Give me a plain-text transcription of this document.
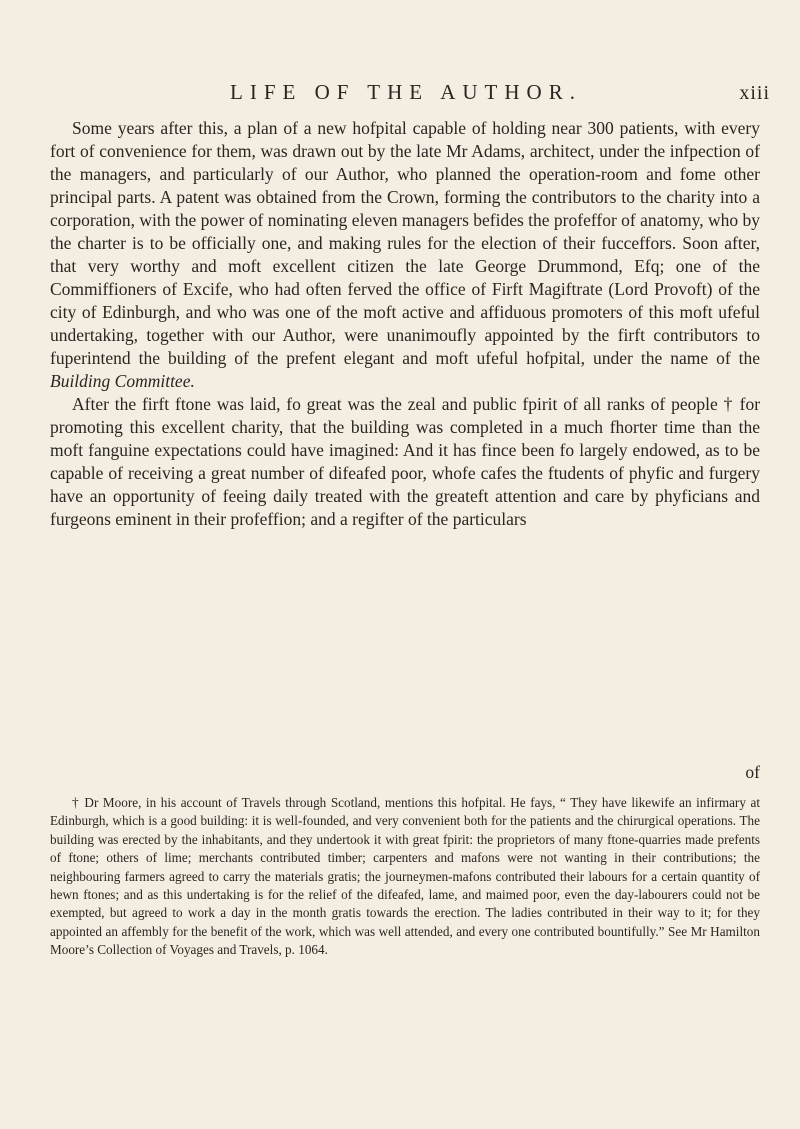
LIFE OF THE AUTHOR.	xiii

Some years after this, a plan of a new hofpital capable of holding near 300 patients, with every fort of convenience for them, was drawn out by the late Mr Adams, architect, under the infpection of the managers, and particularly of our Author, who planned the operation-room and fome other principal parts. A patent was obtained from the Crown, forming the contributors to the charity into a corporation, with the power of nominating eleven managers befides the profeffor of anatomy, who by the charter is to be officially one, and making rules for the election of their fucceffors. Soon after, that very worthy and moft excellent citizen the late George Drummond, Efq; one of the Commiffioners of Excife, who had often ferved the office of Firft Magiftrate (Lord Provoft) of the city of Edinburgh, and who was one of the moft active and affiduous promoters of this moft ufeful undertaking, together with our Author, were unanimoufly appointed by the firft contributors to fuperintend the building of the prefent elegant and moft ufeful hofpital, under the name of the Building Committee.

After the firft ftone was laid, fo great was the zeal and public fpirit of all ranks of people † for promoting this excellent charity, that the building was completed in a much fhorter time than the moft fanguine expectations could have imagined: And it has fince been fo largely endowed, as to be capable of receiving a great number of difeafed poor, whofe cafes the ftudents of phyfic and furgery have an opportunity of feeing daily treated with the greateft attention and care by phyficians and furgeons eminent in their profeffion; and a regifter of the particulars

of

† Dr Moore, in his account of Travels through Scotland, mentions this hofpital. He fays, “ They have likewife an infirmary at Edinburgh, which is a good building: it is well-founded, and very convenient both for the patients and the chirurgical operations. The building was erected by the inhabitants, and they undertook it with great fpirit: the proprietors of many ftone-quarries made prefents of ftone; others of lime; merchants contributed timber; carpenters and mafons were not wanting in their contributions; the neighbouring farmers agreed to carry the materials gratis; the journeymen-mafons contributed their labours for a certain quantity of hewn ftones; and as this undertaking is for the relief of the difeafed, lame, and maimed poor, even the day-labourers could not be exempted, but agreed to work a day in the month gratis towards the erection. The ladies contributed in their way to it; for they appointed an affembly for the benefit of the work, which was well attended, and every one contributed bountifully.” See Mr Hamilton Moore’s Collection of Voyages and Travels, p. 1064.
